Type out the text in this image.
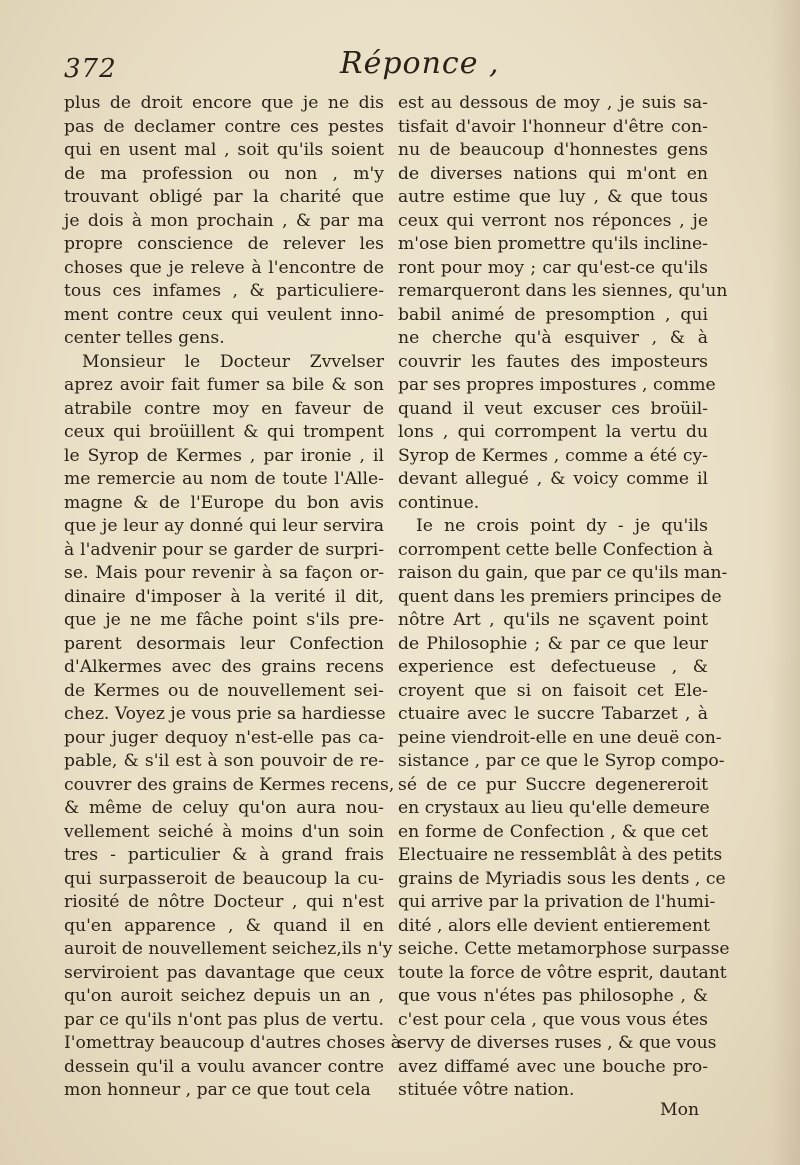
372	Réponce ,
plus de droit encore que je ne dis
pas de declamer contre ces pestes
qui en usent mal , soit qu'ils soient
de ma profession ou non , m'y
trouvant obligé par la charité que
je dois à mon prochain , & par ma
propre conscience de relever les
choses que je releve à l'encontre de
tous ces infames , & particuliere-
ment contre ceux qui veulent inno-
center telles gens.
Monsieur le Docteur Zvvelser
aprez avoir fait fumer sa bile & son
atrabile contre moy en faveur de
ceux qui broüillent & qui trompent
le Syrop de Kermes , par ironie , il
me remercie au nom de toute l'Alle-
magne & de l'Europe du bon avis
que je leur ay donné qui leur servira
à l'advenir pour se garder de surpri-
se. Mais pour revenir à sa façon or-
dinaire d'imposer à la verité il dit,
que je ne me fâche point s'ils pre-
parent desormais leur Confection
d'Alkermes avec des grains recens
de Kermes ou de nouvellement sei-
chez. Voyez je vous prie sa hardiesse
pour juger dequoy n'est-elle pas ca-
pable, & s'il est à son pouvoir de re-
couvrer des grains de Kermes recens,
& même de celuy qu'on aura nou-
vellement seiché à moins d'un soin
tres - particulier & à grand frais
qui surpasseroit de beaucoup la cu-
riosité de nôtre Docteur , qui n'est
qu'en apparence , & quand il en
auroit de nouvellement seichez,ils n'y
serviroient pas davantage que ceux
qu'on auroit seichez depuis un an ,
par ce qu'ils n'ont pas plus de vertu.
I'omettray beaucoup d'autres choses à
dessein qu'il a voulu avancer contre
mon honneur , par ce que tout cela
est au dessous de moy , je suis sa-
tisfait d'avoir l'honneur d'être con-
nu de beaucoup d'honnestes gens
de diverses nations qui m'ont en
autre estime que luy , & que tous
ceux qui verront nos réponces , je
m'ose bien promettre qu'ils incline-
ront pour moy ; car qu'est-ce qu'ils
remarqueront dans les siennes, qu'un
babil animé de presomption , qui
ne cherche qu'à esquiver , & à
couvrir les fautes des imposteurs
par ses propres impostures , comme
quand il veut excuser ces broüil-
lons , qui corrompent la vertu du
Syrop de Kermes , comme a été cy-
devant allegué , & voicy comme il
continue.
Ie ne crois point dy - je qu'ils
corrompent cette belle Confection à
raison du gain, que par ce qu'ils man-
quent dans les premiers principes de
nôtre Art , qu'ils ne sçavent point
de Philosophie ; & par ce que leur
experience est defectueuse , &
croyent que si on faisoit cet Ele-
ctuaire avec le succre Tabarzet , à
peine viendroit-elle en une deuë con-
sistance , par ce que le Syrop compo-
sé de ce pur Succre degenereroit
en crystaux au lieu qu'elle demeure
en forme de Confection , & que cet
Electuaire ne ressemblât à des petits
grains de Myriadis sous les dents , ce
qui arrive par la privation de l'humi-
dité , alors elle devient entierement
seiche. Cette metamorphose surpasse
toute la force de vôtre esprit, dautant
que vous n'étes pas philosophe , &
c'est pour cela , que vous vous étes
servy de diverses ruses , & que vous
avez diffamé avec une bouche pro-
stituée vôtre nation.
Mon
